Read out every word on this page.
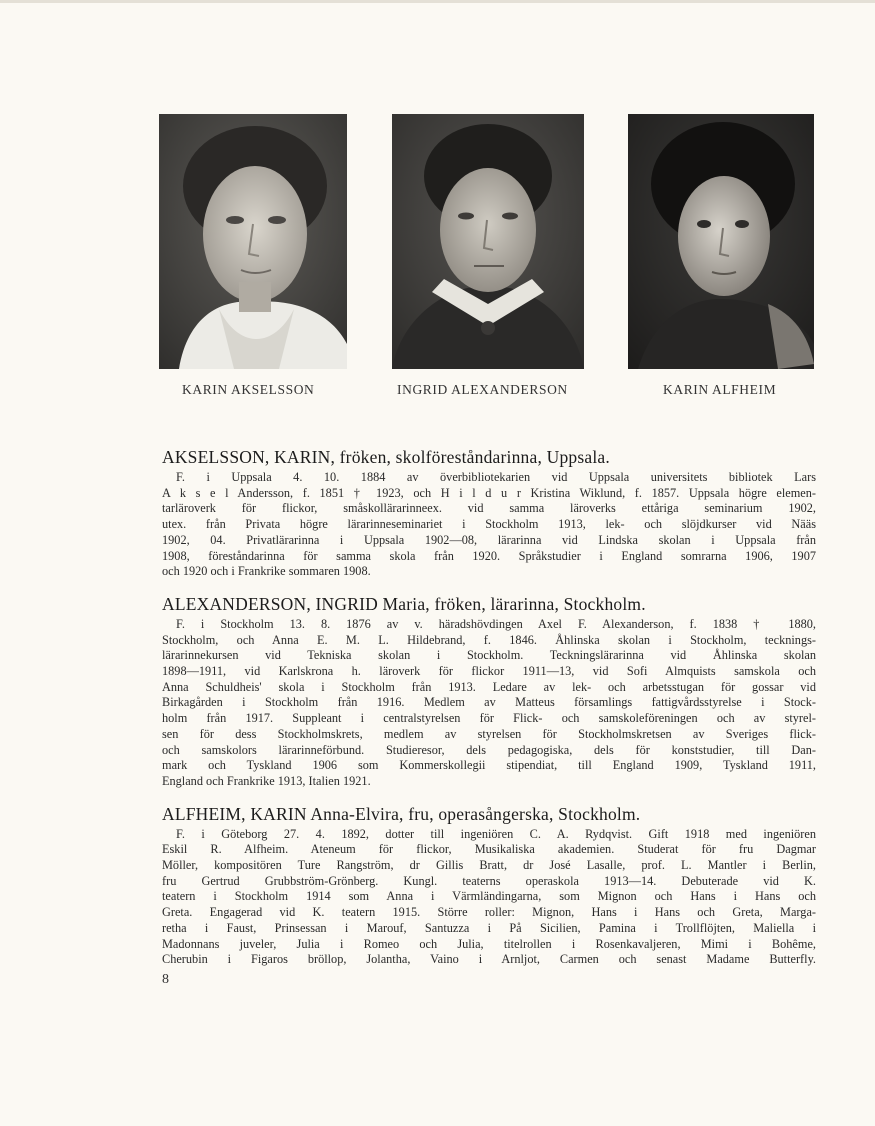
KARIN AKSELSSON	INGRID ALEXANDERSON	KARIN ALFHEIM
AKSELSSON, KARIN, fröken, skolföreståndarinna, Uppsala.
F. i Uppsala 4. 10. 1884 av överbibliotekarien vid Uppsala universitets bibliotek Lars
A k s e l Andersson, f. 1851 † 1923, och H i l d u r Kristina Wiklund, f. 1857. Uppsala högre elemen-
tarläroverk för flickor, småskollärarinneex. vid samma läroverks ettåriga seminarium 1902,
utex. från Privata högre lärarinneseminariet i Stockholm 1913, lek- och slöjdkurser vid Nääs
1902, 04. Privatlärarinna i Uppsala 1902—08, lärarinna vid Lindska skolan i Uppsala från
1908, föreståndarinna för samma skola från 1920. Språkstudier i England somrarna 1906, 1907
och 1920 och i Frankrike sommaren 1908.
ALEXANDERSON, INGRID Maria, fröken, lärarinna, Stockholm.
F. i Stockholm 13. 8. 1876 av v. häradshövdingen Axel F. Alexanderson, f. 1838 † 1880,
Stockholm, och Anna E. M. L. Hildebrand, f. 1846. Åhlinska skolan i Stockholm, tecknings-
lärarinnekursen vid Tekniska skolan i Stockholm. Teckningslärarinna vid Åhlinska skolan
1898—1911, vid Karlskrona h. läroverk för flickor 1911—13, vid Sofi Almquists samskola och
Anna Schuldheis' skola i Stockholm från 1913. Ledare av lek- och arbetsstugan för gossar vid
Birkagården i Stockholm från 1916. Medlem av Matteus församlings fattigvårdsstyrelse i Stock-
holm från 1917. Suppleant i centralstyrelsen för Flick- och samskoleföreningen och av styrel-
sen för dess Stockholmskrets, medlem av styrelsen för Stockholmskretsen av Sveriges flick-
och samskolors lärarinneförbund. Studieresor, dels pedagogiska, dels för konststudier, till Dan-
mark och Tyskland 1906 som Kommerskollegii stipendiat, till England 1909, Tyskland 1911,
England och Frankrike 1913, Italien 1921.
ALFHEIM, KARIN Anna-Elvira, fru, operasångerska, Stockholm.
F. i Göteborg 27. 4. 1892, dotter till ingeniören C. A. Rydqvist. Gift 1918 med ingeniören
Eskil R. Alfheim. Ateneum för flickor, Musikaliska akademien. Studerat för fru Dagmar
Möller, kompositören Ture Rangström, dr Gillis Bratt, dr José Lasalle, prof. L. Mantler i Berlin,
fru Gertrud Grubbström-Grönberg. Kungl. teaterns operaskola 1913—14. Debuterade vid K.
teatern i Stockholm 1914 som Anna i Värmländingarna, som Mignon och Hans i Hans och
Greta. Engagerad vid K. teatern 1915. Större roller: Mignon, Hans i Hans och Greta, Marga-
retha i Faust, Prinsessan i Marouf, Santuzza i På Sicilien, Pamina i Trollflöjten, Maliella i
Madonnans juveler, Julia i Romeo och Julia, titelrollen i Rosenkavaljeren, Mimi i Bohême,
Cherubin i Figaros bröllop, Jolantha, Vaino i Arnljot, Carmen och senast Madame Butterfly.
8
